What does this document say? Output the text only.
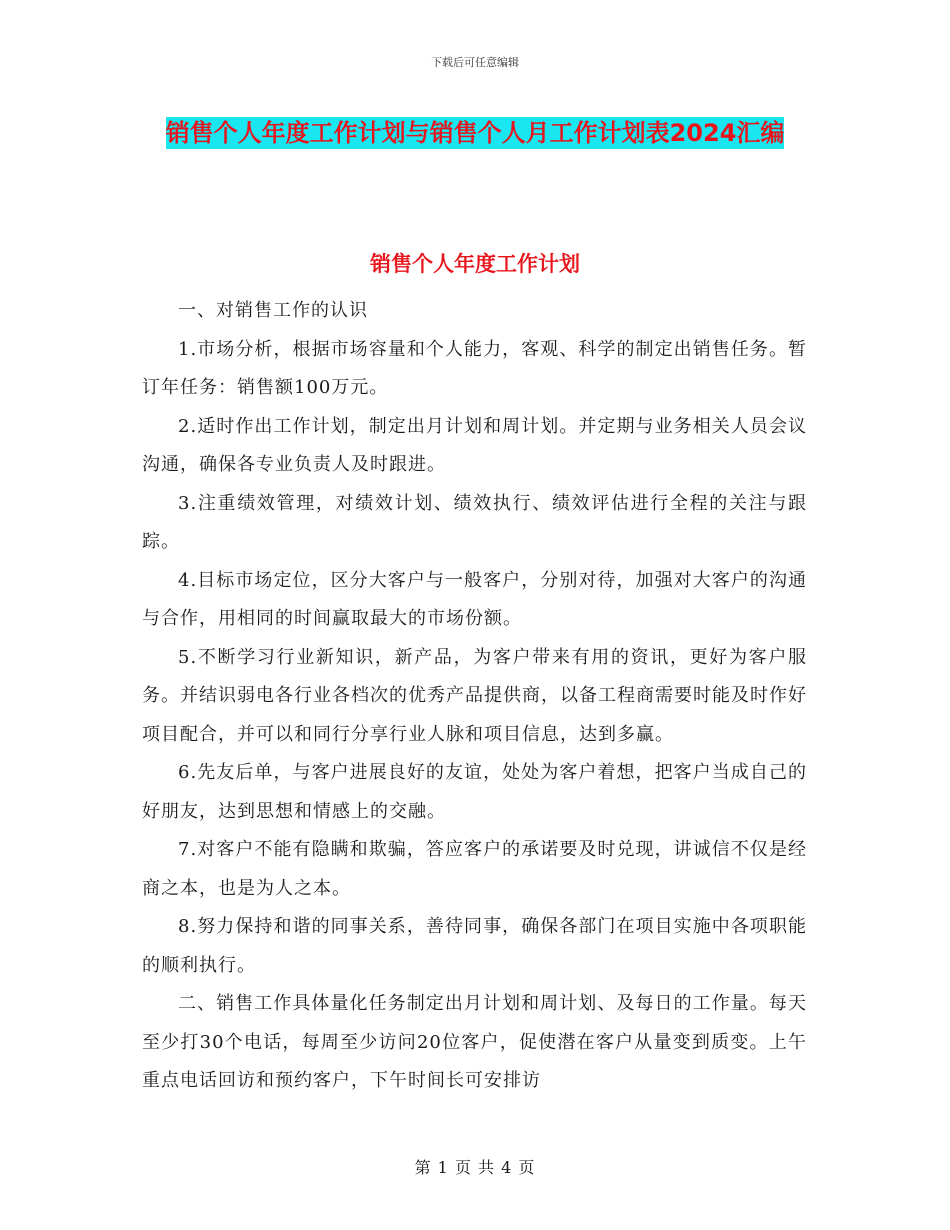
下载后可任意编辑
销售个人年度工作计划与销售个人月工作计划表2024汇编
销售个人年度工作计划

一、对销售工作的认识

1.市场分析，根据市场容量和个人能力，客观、科学的制定出销售任务。暂订年任务：销售额100万元。

2.适时作出工作计划，制定出月计划和周计划。并定期与业务相关人员会议沟通，确保各专业负责人及时跟进。

3.注重绩效管理，对绩效计划、绩效执行、绩效评估进行全程的关注与跟踪。

4.目标市场定位，区分大客户与一般客户，分别对待，加强对大客户的沟通与合作，用相同的时间赢取最大的市场份额。

5.不断学习行业新知识，新产品，为客户带来有用的资讯，更好为客户服务。并结识弱电各行业各档次的优秀产品提供商，以备工程商需要时能及时作好项目配合，并可以和同行分享行业人脉和项目信息，达到多赢。

6.先友后单，与客户进展良好的友谊，处处为客户着想，把客户当成自己的好朋友，达到思想和情感上的交融。

7.对客户不能有隐瞒和欺骗，答应客户的承诺要及时兑现，讲诚信不仅是经商之本，也是为人之本。

8.努力保持和谐的同事关系，善待同事，确保各部门在项目实施中各项职能的顺利执行。

二、销售工作具体量化任务制定出月计划和周计划、及每日的工作量。每天至少打30个电话，每周至少访问20位客户，促使潜在客户从量变到质变。上午重点电话回访和预约客户，下午时间长可安排访

第 1 页 共 4 页
